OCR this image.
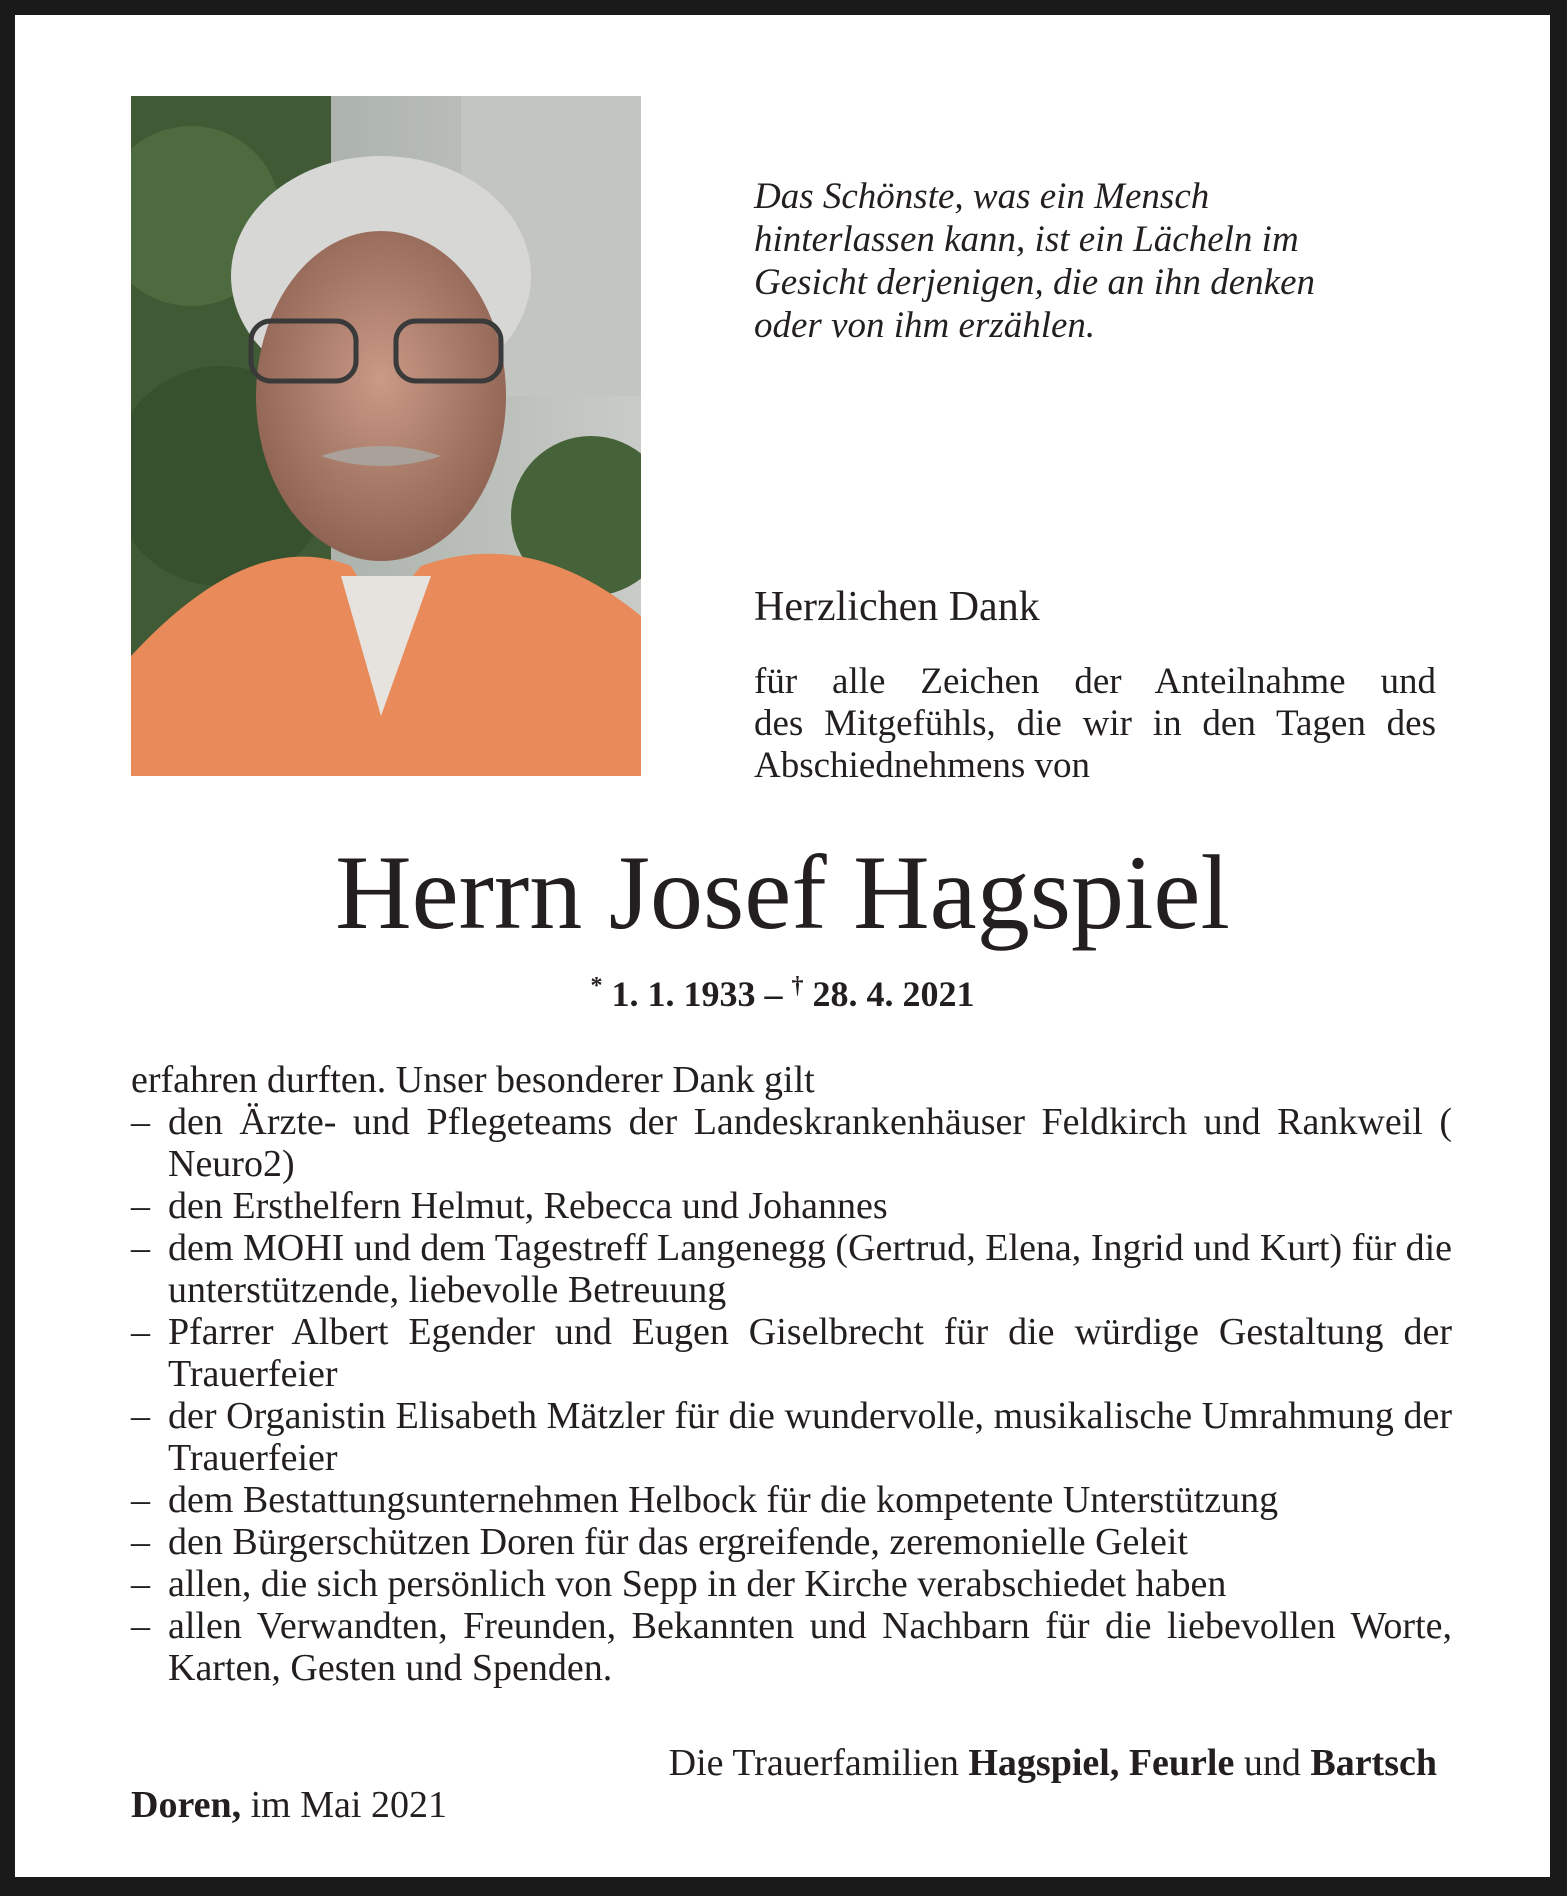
Das Schönste, was ein Mensch
hinterlassen kann, ist ein Lächeln im
Gesicht derjenigen, die an ihn denken
oder von ihm erzählen.
Herzlichen Dank
für alle Zeichen der Anteilnahme und
des Mitgefühls, die wir in den Tagen des
Abschiednehmens von
Herrn Josef Hagspiel
* 1. 1. 1933 – † 28. 4. 2021

erfahren durften. Unser besonderer Dank gilt

– den Ärzte- und Pflegeteams der Landeskrankenhäuser Feldkirch und Rankweil ( Neuro2)
– den Ersthelfern Helmut, Rebecca und Johannes
– dem MOHI und dem Tagestreff Langenegg (Gertrud, Elena, Ingrid und Kurt) für die unterstützende, liebevolle Betreuung
– Pfarrer Albert Egender und Eugen Giselbrecht für die würdige Gestaltung der Trauerfeier
– der Organistin Elisabeth Mätzler für die wundervolle, musikalische Umrahmung der Trauerfeier
– dem Bestattungsunternehmen Helbock für die kompetente Unterstützung
– den Bürgerschützen Doren für das ergreifende, zeremonielle Geleit
– allen, die sich persönlich von Sepp in der Kirche verabschiedet haben
– allen Verwandten, Freunden, Bekannten und Nachbarn für die liebevollen Worte, Karten, Gesten und Spenden.
Die Trauerfamilien Hagspiel, Feurle und Bartsch
Doren, im Mai 2021
